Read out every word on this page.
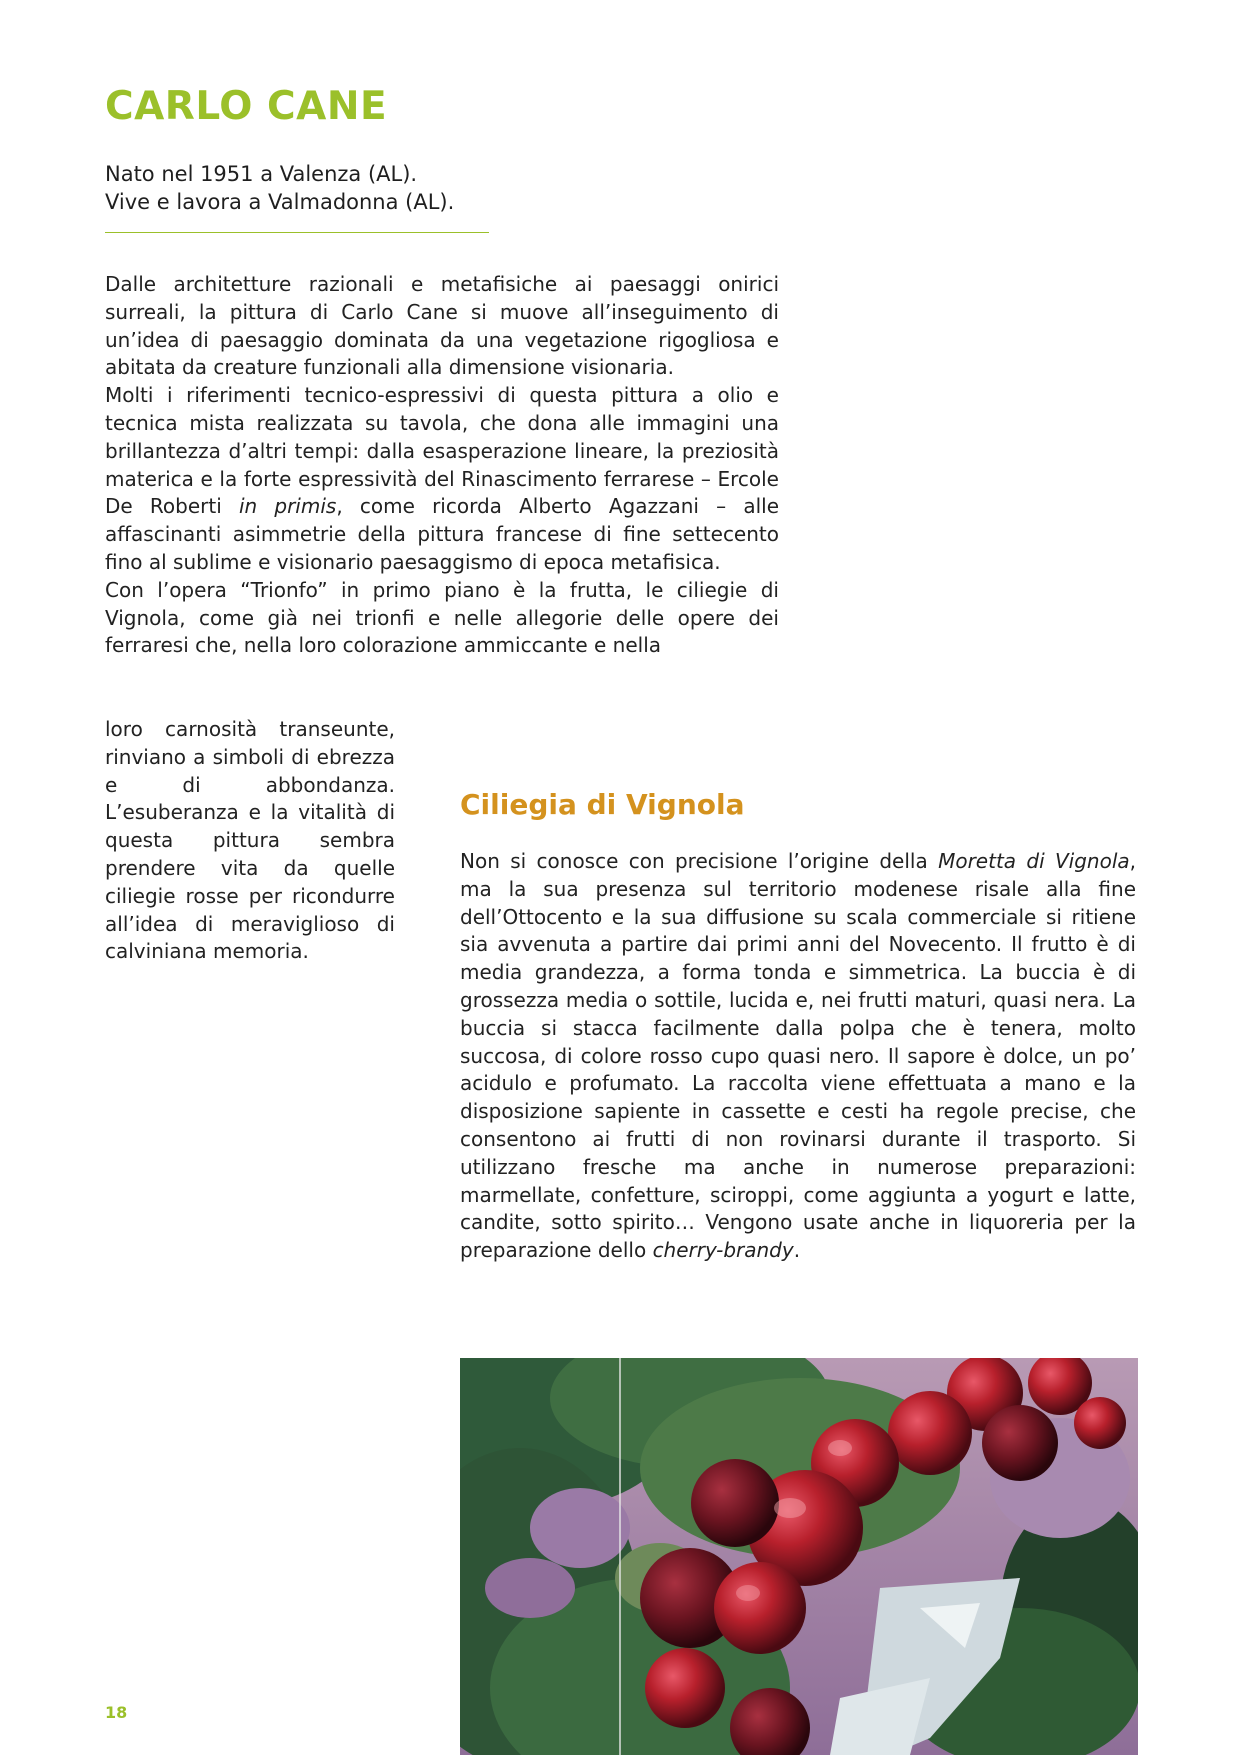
CARLO CANE
Nato nel 1951 a Valenza (AL).
Vive e lavora a Valmadonna (AL).

Dalle architetture razionali e metafisiche ai paesaggi onirici surreali, la pittura di Carlo Cane si muove all’inseguimento di un’idea di paesaggio dominata da una vegetazione rigogliosa e abitata da creature funzionali alla dimensione visionaria.

Molti i riferimenti tecnico-espressivi di questa pittura a olio e tecnica mista realizzata su tavola, che dona alle immagini una brillantezza d’altri tempi: dalla esasperazione lineare, la preziosità materica e la forte espressività del Rinascimento ferrarese – Ercole De Roberti in primis, come ricorda Alberto Agazzani – alle affascinanti asimmetrie della pittura francese di fine settecento fino al sublime e visionario paesaggismo di epoca metafisica.

Con l’opera “Trionfo” in primo piano è la frutta, le ciliegie di Vignola, come già nei trionfi e nelle allegorie delle opere dei ferraresi che, nella loro colorazione ammiccante e nella

loro carnosità transeunte, rinviano a simboli di ebrezza e di abbondanza. L’esuberanza e la vitalità di questa pittura sembra prendere vita da quelle ciliegie rosse per ricondurre all’idea di meraviglioso di calviniana memoria.

Ciliegia di Vignola

Non si conosce con precisione l’origine della Moretta di Vignola, ma la sua presenza sul territorio modenese risale alla fine dell’Ottocento e la sua diffusione su scala commerciale si ritiene sia avvenuta a partire dai primi anni del Novecento. Il frutto è di media grandezza, a forma tonda e simmetrica. La buccia è di grossezza media o sottile, lucida e, nei frutti maturi, quasi nera. La buccia si stacca facilmente dalla polpa che è tenera, molto succosa, di colore rosso cupo quasi nero. Il sapore è dolce, un po’ acidulo e profumato. La raccolta viene effettuata a mano e la disposizione sapiente in cassette e cesti ha regole precise, che consentono ai frutti di non rovinarsi durante il trasporto. Si utilizzano fresche ma anche in numerose preparazioni: marmellate, confetture, sciroppi, come aggiunta a yogurt e latte, candite, sotto spirito… Vengono usate anche in liquoreria per la preparazione dello cherry-brandy.

18
